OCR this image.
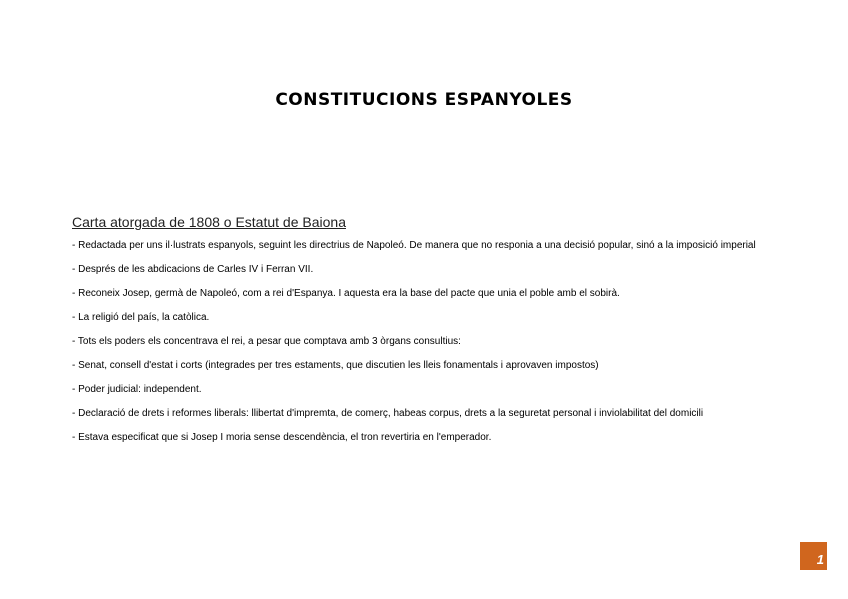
CONSTITUCIONS ESPANYOLES
Carta atorgada de 1808 o Estatut de Baiona
- Redactada per uns il·lustrats espanyols, seguint les directrius de Napoleó. De manera que no responia a una decisió popular, sinó a la imposició imperial
- Després de les abdicacions de Carles IV i Ferran VII.
- Reconeix Josep, germà de Napoleó, com a rei d'Espanya. I aquesta era la base del pacte que unia el poble amb el sobirà.
- La religió del país, la catòlica.
- Tots els poders els concentrava el rei, a pesar que comptava amb 3 òrgans consultius:
- Senat, consell d'estat i corts (integrades per tres estaments, que discutien les lleis fonamentals i aprovaven impostos)
- Poder judicial: independent.
- Declaració de drets i reformes liberals: llibertat d'impremta, de comerç, habeas corpus, drets a la seguretat personal i inviolabilitat del domicili
- Estava especificat que si Josep I moria sense descendència, el tron revertiria en l'emperador.
1
